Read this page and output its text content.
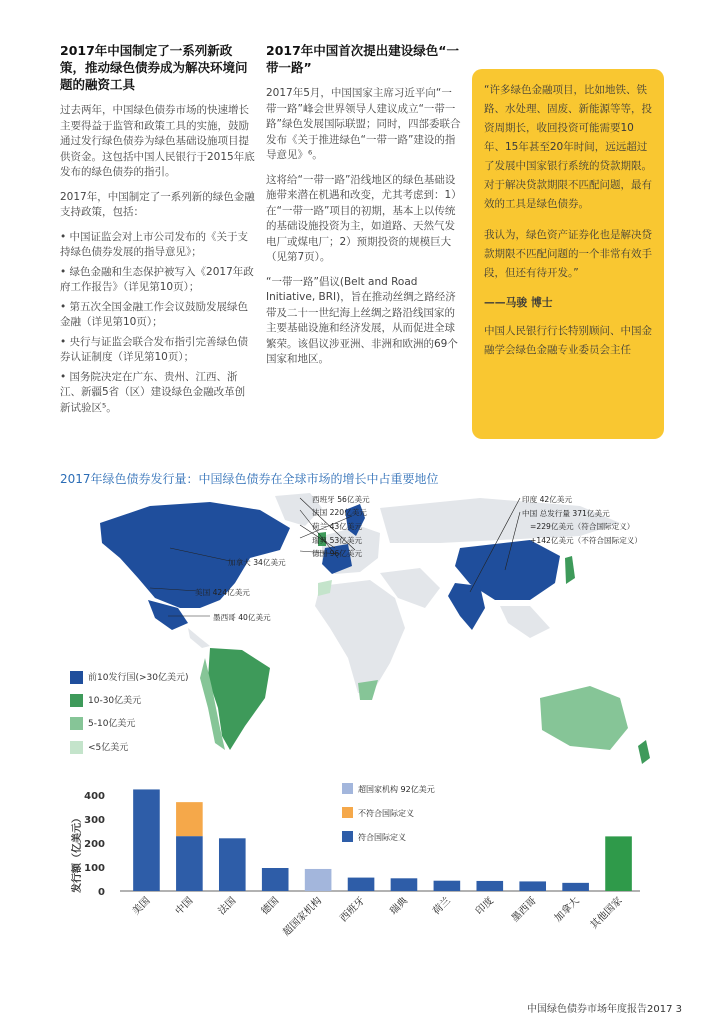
2017年中国制定了一系列新政策，推动绿色债券成为解决环境问题的融资工具

过去两年，中国绿色债券市场的快速增长主要得益于监管和政策工具的实施，鼓励通过发行绿色债券为绿色基础设施项目提供资金。这包括中国人民银行于2015年底发布的绿色债券的指引。

2017年，中国制定了一系列新的绿色金融支持政策，包括：

• 中国证监会对上市公司发布的《关于支持绿色债券发展的指导意见》；

• 绿色金融和生态保护被写入《2017年政府工作报告》（详见第10页）；

• 第五次全国金融工作会议鼓励发展绿色金融（详见第10页）；

• 央行与证监会联合发布指引完善绿色债券认证制度（详见第10页）；

• 国务院决定在广东、贵州、江西、浙江、新疆5省（区）建设绿色金融改革创新试验区⁵。

2017年中国首次提出建设绿色“一带一路”

2017年5月，中国国家主席习近平向“一带一路”峰会世界领导人建议成立“一带一路”绿色发展国际联盟；同时，四部委联合发布《关于推进绿色“一带一路”建设的指导意见》⁶。

这将给“一带一路”沿线地区的绿色基础设施带来潜在机遇和改变，尤其考虑到：1）在“一带一路”项目的初期，基本上以传统的基础设施投资为主，如道路、天然气发电厂或煤电厂；2）预期投资的规模巨大（见第7页）。

“一带一路”倡议(Belt and Road Initiative, BRI)，旨在推动丝绸之路经济带及二十一世纪海上丝绸之路沿线国家的主要基础设施和经济发展，从而促进全球繁荣。该倡议涉亚洲、非洲和欧洲的69个国家和地区。

“许多绿色金融项目，比如地铁、铁路、水处理、固废、新能源等等，投资周期长，收回投资可能需要10年、15年甚至20年时间，远远超过了发展中国家银行系统的贷款期限。对于解决贷款期限不匹配问题，最有效的工具是绿色债券。

我认为，绿色资产证券化也是解决贷款期限不匹配问题的一个非常有效手段，但还有待开发。”

——马骏 博士

中国人民银行行长特别顾问、中国金融学会绿色金融专业委员会主任

2017年绿色债券发行量：中国绿色债券在全球市场的增长中占重要地位
西班牙 56亿美元
法国 220亿美元
荷兰 43亿美元
瑞典 53亿美元
德国 96亿美元
加拿大 34亿美元
美国 424亿美元
墨西哥 40亿美元
印度 42亿美元
中国 总发行量 371亿美元
=229亿美元（符合国际定义）
+142亿美元（不符合国际定义）
前10发行国(>30亿美元)
10-30亿美元
5-10亿美元
<5亿美元
发行额（亿美元） 0
100
200
300
400
美国 中国 法国 德国 超国家机构 西班牙 瑞典 荷兰 印度 墨西哥 加拿大 其他国家
超国家机构 92亿美元
不符合国际定义
符合国际定义
中国绿色债券市场年度报告2017 3
